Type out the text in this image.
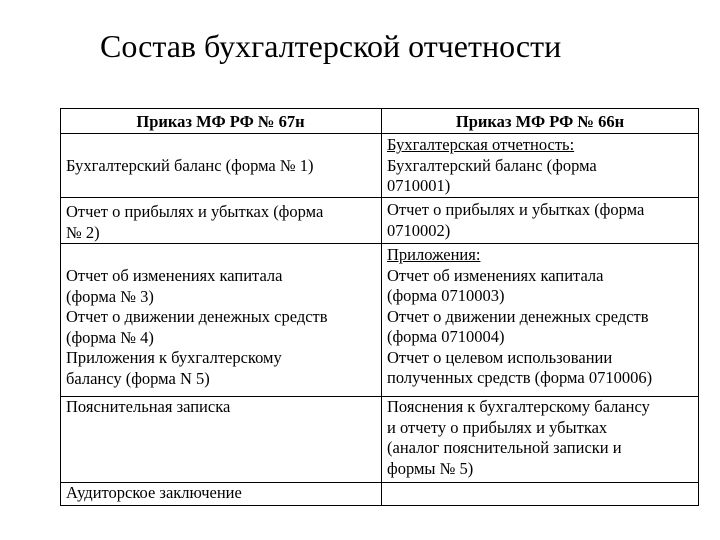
Состав бухгалтерской отчетности
Приказ МФ РФ № 67н	Приказ МФ РФ № 66н
Бухгалтерский баланс (форма № 1)
Отчет о прибылях и убытках (форма
№ 2)
Отчет об изменениях капитала
(форма № 3)
Отчет о движении денежных средств
(форма № 4)
Приложения к бухгалтерскому
балансу (форма N 5)
Пояснительная записка
Аудиторское заключение
Бухгалтерская отчетность:
Бухгалтерский баланс (форма
0710001)
Отчет о прибылях и убытках (форма
0710002)
Приложения:
Отчет об изменениях капитала
(форма 0710003)
Отчет о движении денежных средств
(форма 0710004)
Отчет о целевом использовании
полученных средств (форма 0710006)
Пояснения к бухгалтерскому балансу
и отчету о прибылях и убытках
(аналог пояснительной записки и
формы № 5)
